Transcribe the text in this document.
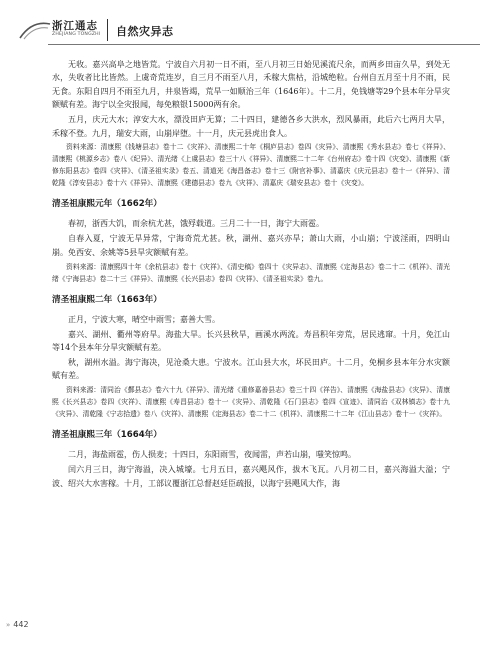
浙江通志
ZHEJIANG TONGZHI 自然灾异志

无收。嘉兴高阜之地皆荒。宁波自六月初一日不雨，至八月初三日始见溪流尺余，而两乡田亩久旱，到处无水，失收者比比皆然。上虞奇荒连岁，自三月不雨至八月，禾稼大焦枯，沿城绝粒。台州自五月至十月不雨，民无食。东阳自四月不雨至九月，井泉皆竭，荒旱一如顺治三年（1646年）。十二月，免钱塘等29个县本年分旱灾额赋有差。海宁以全灾报闻，每免粮银15000两有余。

五月，庆元大水；淳安大水，漂没田庐无算；二十四日，建德各乡大洪水，烈风暴雨，此后六七两月大旱，禾稼不登。九月，瑞安大雨，山崩岸堕。十一月，庆元县虎出食人。

资料来源：清康熙《钱塘县志》卷十二《灾祥》、清康熙二十年《桐庐县志》卷四《灾异》、清康熙《秀水县志》卷七《祥异》、清康熙《桃源乡志》卷八《纪异》、清光绪《上虞县志》卷三十八《祥异》、清康熙二十二年《台州府志》卷十四《灾变》、清康熙《新修东阳县志》卷四《灾祥》、《清圣祖实录》卷五、清道光《海昌备志》卷十三《附官补事》、清嘉庆《庆元县志》卷十一《祥异》、清乾隆《淳安县志》卷十六《祥异》、清康熙《建德县志》卷九《灾祥》、清嘉庆《瑞安县志》卷十《灾变》。

清圣祖康熙元年（1662年）

春初，浙西大饥，而余杭尤甚，饿殍载道。三月二十一日，海宁大雨雹。

自春入夏，宁波无旱异常，宁海奇荒尤甚。秋，湖州、嘉兴亦旱；萧山大雨，小山崩；宁波淫雨，四明山崩。免西安、余姚等5县旱灾额赋有差。

资料来源：清康熙四十年《余杭县志》卷十《灾祥》、《清史稿》卷四十《灾异志》、清康熙《定海县志》卷二十二《机祥》、清光绪《宁海县志》卷二十三《祥异》、清康熙《长兴县志》卷四《灾祥》、《清圣祖实录》卷九。

清圣祖康熙二年（1663年）

正月，宁波大寒，晴空中雨雪；嘉善大雪。

嘉兴、湖州、衢州等府旱。海盐大旱。长兴县秋旱，画溪水两流。寿昌积年旁荒，居民逃窜。十月，免江山等14个县本年分旱灾额赋有差。

秋，湖州水溢。海宁海决，见沧桑大患。宁波水。江山县大水，坏民田庐。十二月，免桐乡县本年分水灾额赋有差。

资料来源：清同治《鄞县志》卷六十九《祥异》、清光绪《重修嘉善县志》卷三十四《祥告》、清康熙《海盐县志》《灾异》、清康熙《长兴县志》卷四《灾祥》、清康熙《寿昌县志》卷十一《灾异》、清乾隆《石门县志》卷四《宣迹》、清同治《双林镇志》卷十九《灾异》、清乾隆《宁志拾遗》卷八《灾祥》、清康熙《定海县志》卷二十二《机祥》、清康熙二十二年《江山县志》卷十一《灾祥》。

清圣祖康熙三年（1664年）

二月，海盐雨雹，伤人损麦；十四日，东阳雨雪，夜闻雷，声若山崩，嗤笑惊鸣。

闰六月三日，海宁海溢，决入城壕。七月五日，嘉兴飓风作，拔木飞瓦。八月初二日，嘉兴海溢大溢；宁波、绍兴大水害稼。十月，工部议覆浙江总督赵廷臣疏报，以海宁县飓风大作，海

» 442
